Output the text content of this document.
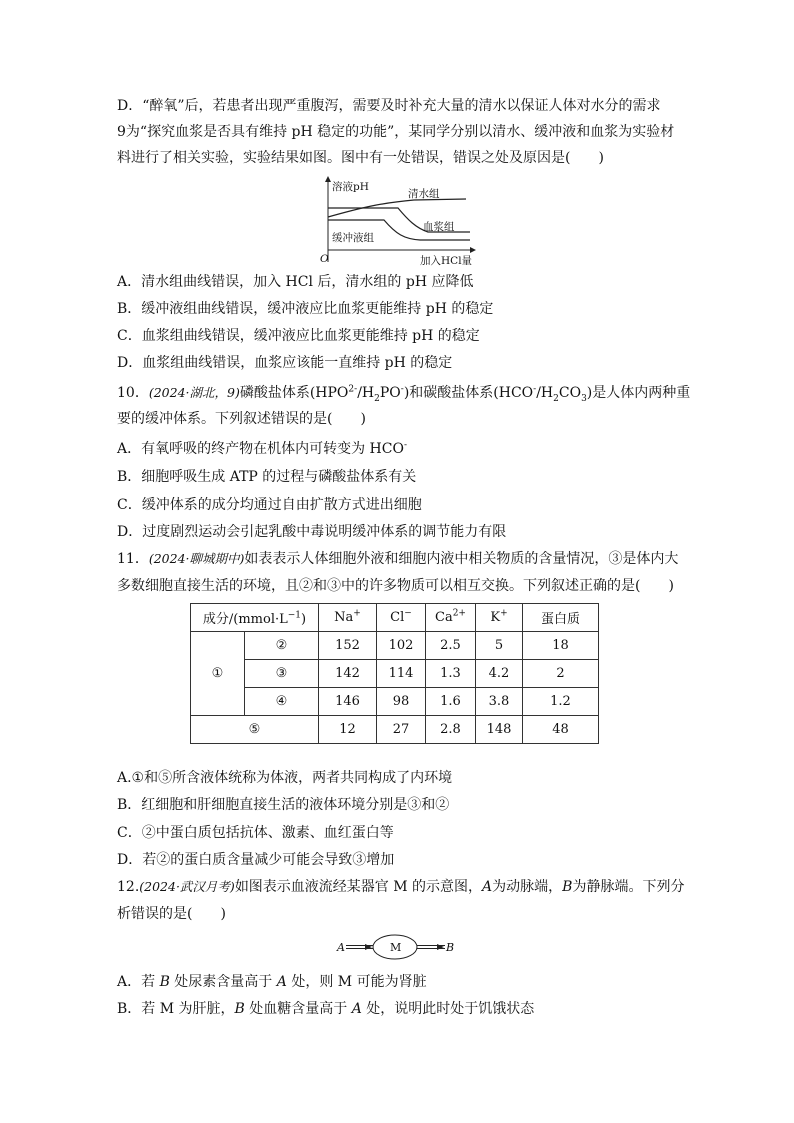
D．“醉氧”后，若患者出现严重腹泻，需要及时补充大量的清水以保证人体对水分的需求
9为“探究血浆是否具有维持 pH 稳定的功能”，某同学分别以清水、缓冲液和血浆为实验材
料进行了相关实验，实验结果如图。图中有一处错误，错误之处及原因是(　　)
溶液pH
清水组
血浆组
缓冲液组
O	加入HCl量
A．清水组曲线错误，加入 HCl 后，清水组的 pH 应降低
B．缓冲液组曲线错误，缓冲液应比血浆更能维持 pH 的稳定
C．血浆组曲线错误，缓冲液应比血浆更能维持 pH 的稳定
D．血浆组曲线错误，血浆应该能一直维持 pH 的稳定
10．(2024·湖北，9)磷酸盐体系$(HPO^{2-}/H_2PO^-)$和碳酸盐体系$(HCO^-/H_2CO_3)$是人体内两种重
要的缓冲体系。下列叙述错误的是(　　)
A．有氧呼吸的终产物在机体内可转变为 HCO-
B．细胞呼吸生成 ATP 的过程与磷酸盐体系有关
C．缓冲体系的成分均通过自由扩散方式进出细胞
D．过度剧烈运动会引起乳酸中毒说明缓冲体系的调节能力有限
11．(2024·聊城期中)如表表示人体细胞外液和细胞内液中相关物质的含量情况，③是体内大
多数细胞直接生活的环境，且②和③中的许多物质可以相互交换。下列叙述正确的是(　　)
成分$/(mmol\cdot L^{-1})$		Na+	Cl−	$Ca^{2+}$	K+	蛋白质
①	②	152	102	2.5	5	18
	③	142	114	1.3	4.2	2
	④	146	98	1.6	3.8	1.2
⑤		12	27	2.8	148	48
A.①和⑤所含液体统称为体液，两者共同构成了内环境
B．红细胞和肝细胞直接生活的液体环境分别是③和②
C．②中蛋白质包括抗体、激素、血红蛋白等
D．若②的蛋白质含量减少可能会导致③增加
12.(2024·武汉月考)如图表示血液流经某器官 M 的示意图，A为动脉端，B为静脉端。下列分
析错误的是(　　)
A	M	B
A．若 B 处尿素含量高于 A 处，则 M 可能为肾脏
B．若 M 为肝脏，B 处血糖含量高于 A 处，说明此时处于饥饿状态
